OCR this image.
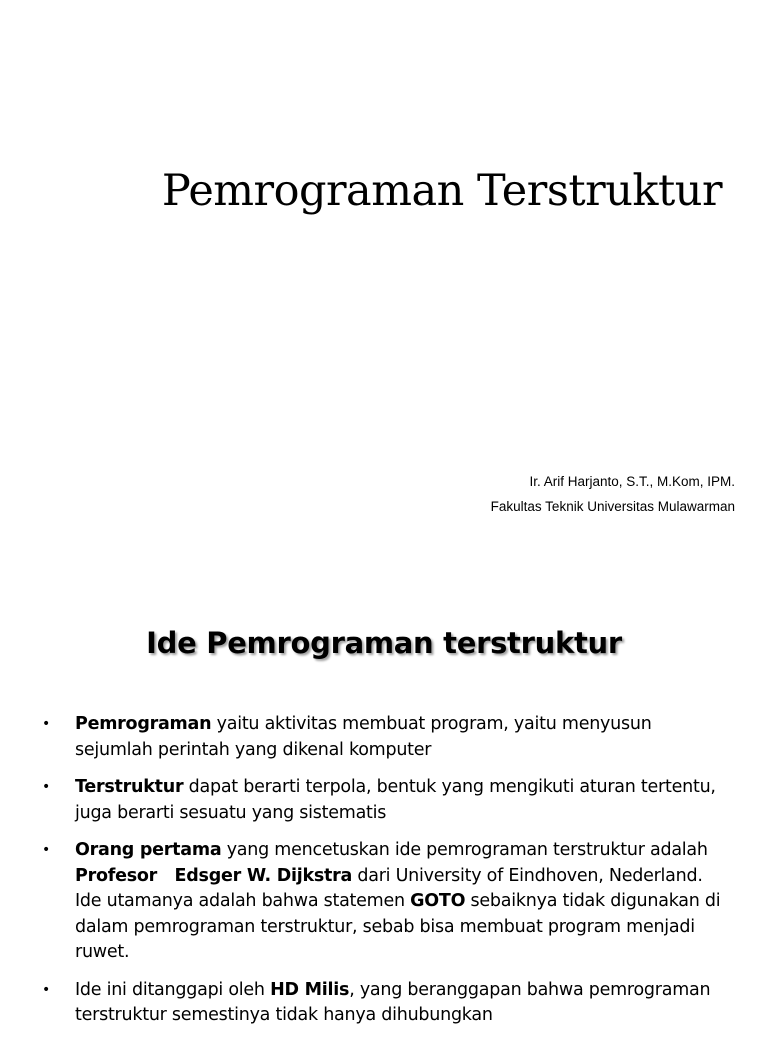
Pemrograman Terstruktur

Ir. Arif Harjanto, S.T., M.Kom, IPM.

Fakultas Teknik Universitas Mulawarman

Ide Pemrograman terstruktur
• Pemrograman yaitu aktivitas membuat program, yaitu menyusun sejumlah perintah yang dikenal komputer
• Terstruktur dapat berarti terpola, bentuk yang mengikuti aturan tertentu, juga berarti sesuatu yang sistematis
• Orang pertama yang mencetuskan ide pemrograman terstruktur adalah Profesor   Edsger W. Dijkstra dari University of Eindhoven, Nederland. Ide utamanya adalah bahwa statemen GOTO sebaiknya tidak digunakan di dalam pemrograman terstruktur, sebab bisa membuat program menjadi ruwet.
• Ide ini ditanggapi oleh HD Milis, yang beranggapan bahwa pemrograman terstruktur semestinya tidak hanya dihubungkan
